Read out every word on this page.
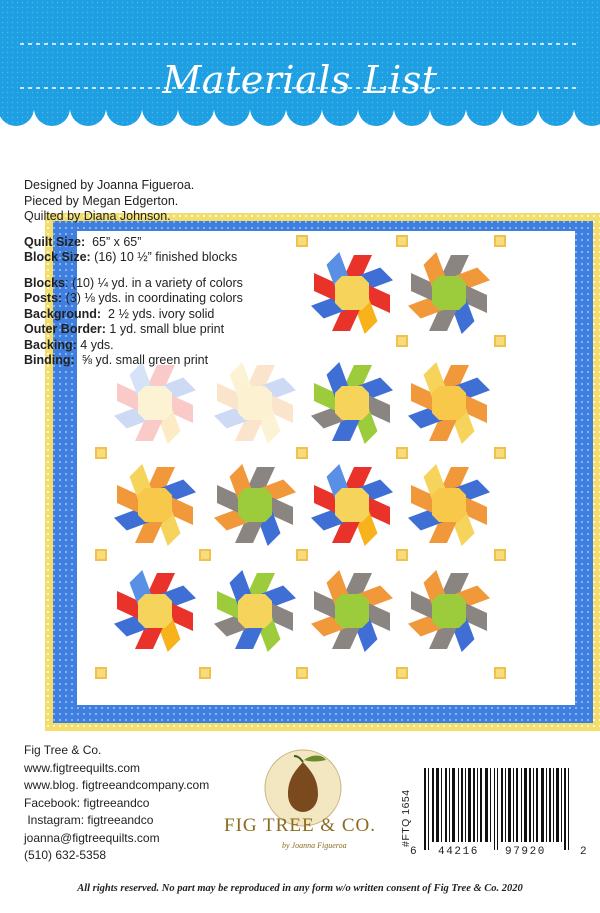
Materials List
Designed by Joanna Figueroa.
Pieced by Megan Edgerton.
Quilted by Diana Johnson.
Quilt Size:  65” x 65”
Block Size: (16) 10 ½” finished blocks
Blocks: (10) ¼ yd. in a variety of colors
Posts: (3) ⅛ yds. in coordinating colors
Background:  2 ½ yds. ivory solid
Outer Border: 1 yd. small blue print
Backing: 4 yds.
Binding:  ⅝ yd. small green print
Fig Tree & Co.
www.figtreequilts.com
www.blog. figtreeandcompany.com
Facebook: figtreeandco
Instagram: figtreeandco
joanna@figtreequilts.com
(510) 632-5358
FIG TREE & CO.
by Joanna Figueroa	#FTQ 1654
6 44216 97920	2
All rights reserved. No part may be reproduced in any form w/o written consent of Fig Tree & Co. 2020
